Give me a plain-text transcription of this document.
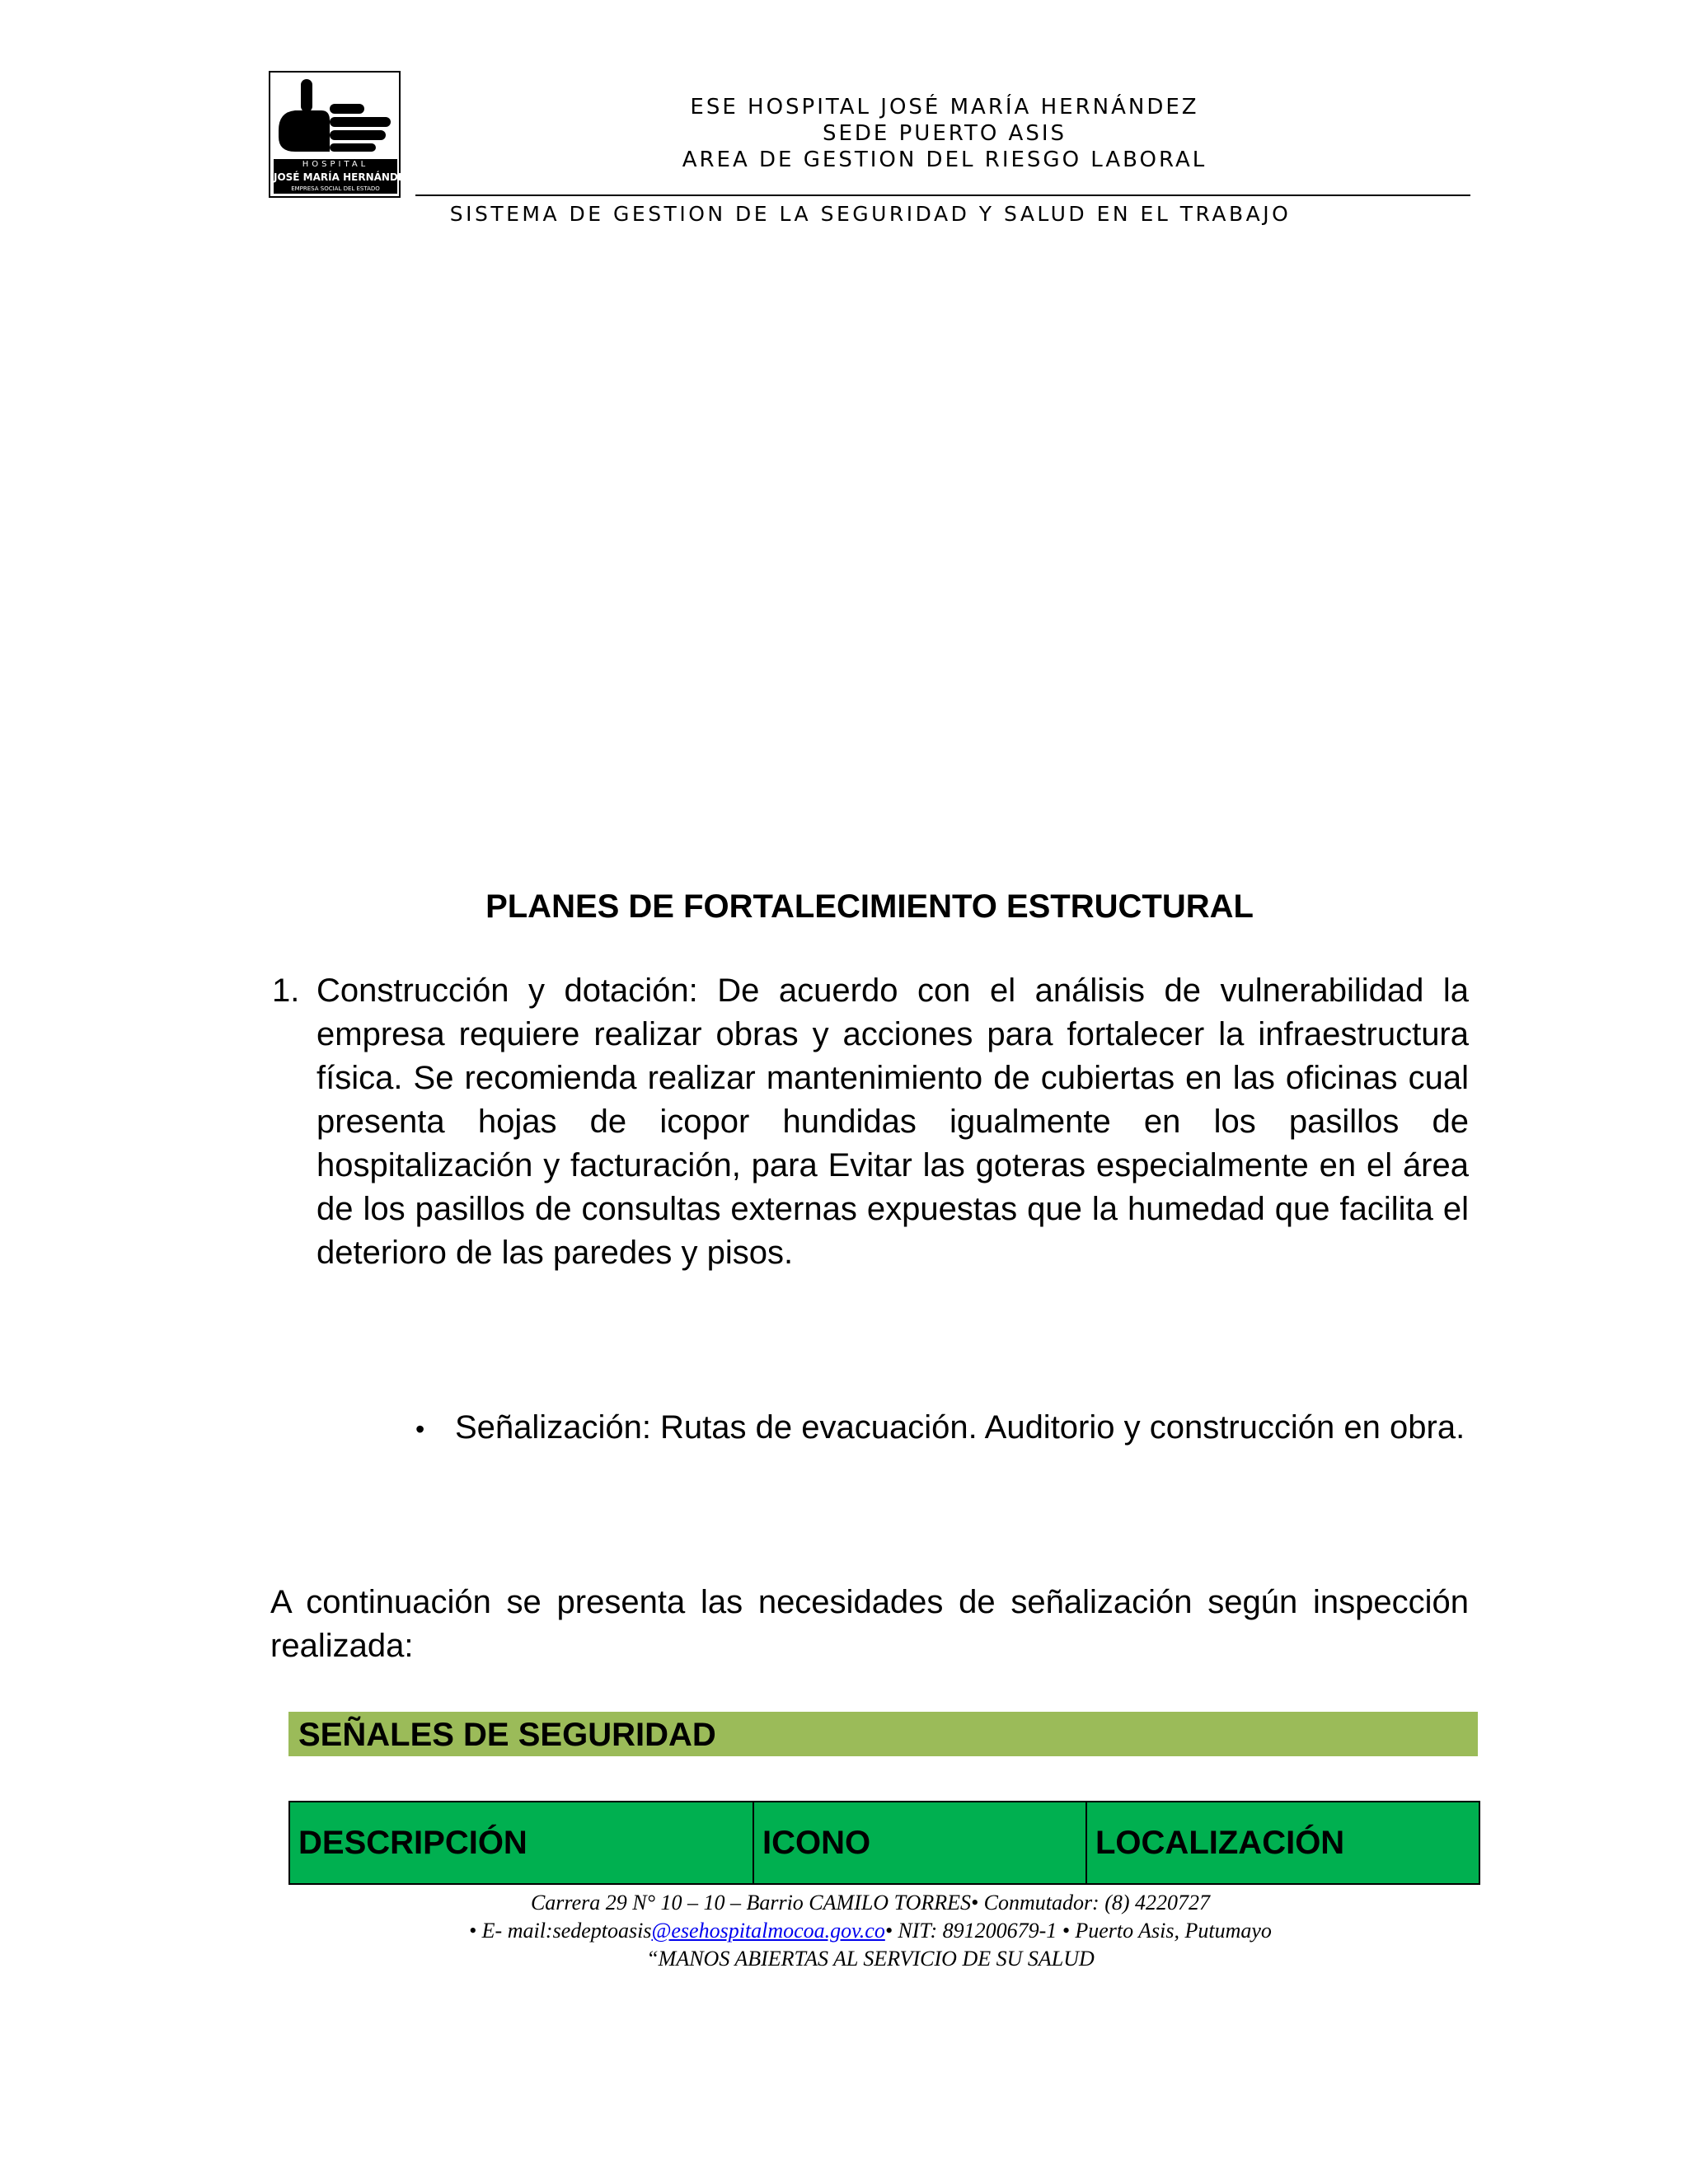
HOSPITAL
JOSÉ MARÍA HERNÁNDEZ
EMPRESA SOCIAL DEL ESTADO
ESE HOSPITAL JOSÉ MARÍA HERNÁNDEZ
SEDE PUERTO ASIS
AREA DE GESTION DEL RIESGO LABORAL
SISTEMA DE GESTION DE LA SEGURIDAD Y SALUD EN EL TRABAJO
PLANES DE FORTALECIMIENTO ESTRUCTURAL
1. Construcción y dotación: De acuerdo con el análisis de vulnerabilidad la empresa requiere realizar obras y acciones para fortalecer la infraestructura física. Se recomienda realizar mantenimiento de cubiertas en las oficinas cual presenta hojas de icopor hundidas igualmente en los pasillos de hospitalización y facturación, para Evitar las goteras especialmente en el área de los pasillos de consultas externas expuestas que la humedad que facilita el deterioro de las paredes y pisos.
• Señalización: Rutas de evacuación. Auditorio y construcción en obra.
A continuación se presenta las necesidades de señalización según inspección realizada:
SEÑALES DE SEGURIDAD
DESCRIPCIÓN	ICONO	LOCALIZACIÓN
Carrera 29 N° 10 – 10 – Barrio CAMILO TORRES• Conmutador: (8) 4220727
• E- mail:sedeptoasis@esehospitalmocoa.gov.co• NIT: 891200679-1 • Puerto Asis, Putumayo
“MANOS ABIERTAS AL SERVICIO DE SU SALUD
